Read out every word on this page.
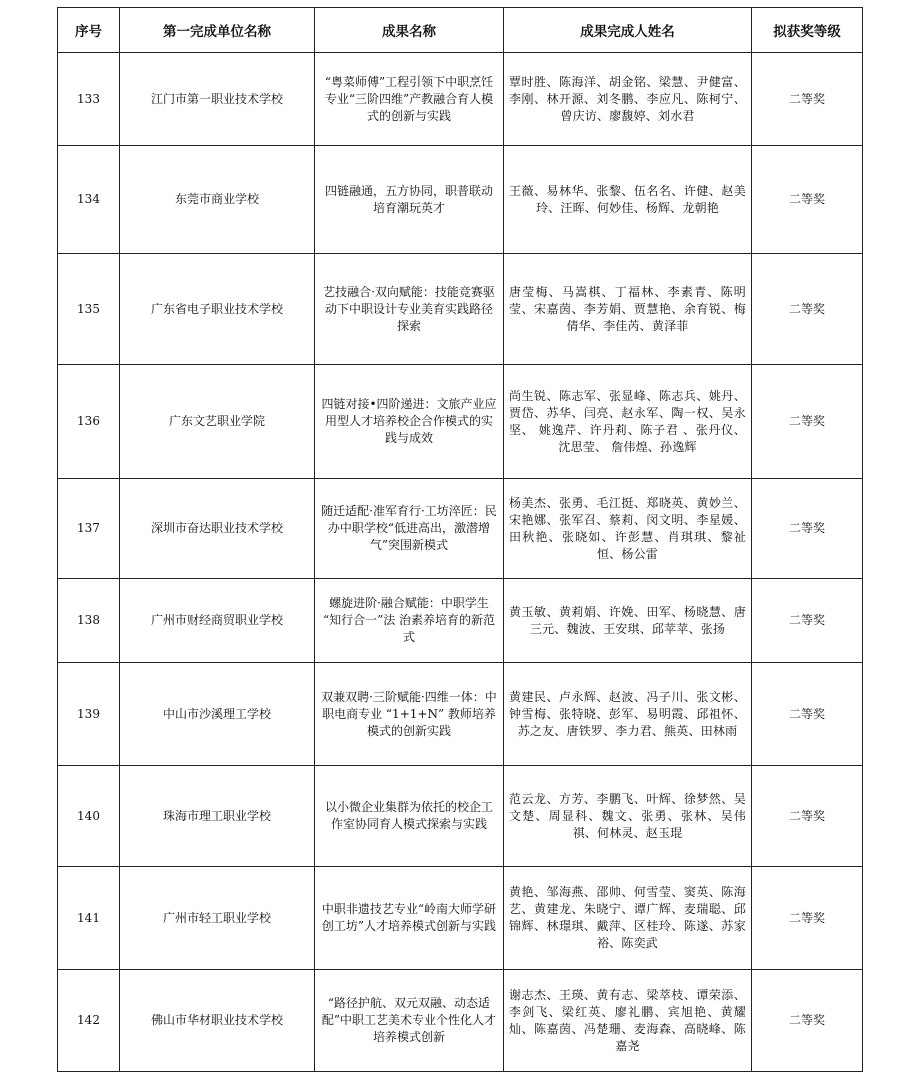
序号	第一完成单位名称	成果名称	成果完成人姓名	拟获奖等级
133	江门市第一职业技术学校	“粤菜师傅”工程引领下中职烹饪专业“三阶四维”产教融合育人模式的创新与实践	覃时胜、陈海洋、胡金铭、梁慧、尹健富、李刚、林开源、刘冬鹏、李应凡、陈柯宁、曾庆访、廖馥婷、刘水君	二等奖
134	东莞市商业学校	四链融通，五方协同，职普联动培育潮玩英才	王薇、易林华、张黎、伍名名、许健、赵美玲、汪晖、何妙佳、杨辉、龙朝艳	二等奖
135	广东省电子职业技术学校	艺技融合·双向赋能：技能竞赛驱动下中职设计专业美育实践路径探索	唐莹梅、马嵩棋、丁福林、李素青、陈明莹、宋嘉茵、李芳娟、贾慧艳、余育锐、梅倩华、李佳芮、黄泽菲	二等奖
136	广东文艺职业学院	四链对接•四阶递进：文旅产业应用型人才培养校企合作模式的实践与成效	尚生锐、陈志军、张显峰、陈志兵、姚丹、贾岱、苏华、闫亮、赵永军、陶一权、吴永坚、 姚逸芹、许丹莉、陈子君 、张丹仪、沈思莹、 詹伟煌、孙逸辉	二等奖
137	深圳市奋达职业技术学校	随迁适配·准军育行·工坊淬匠：民办中职学校“低进高出，激潜增气”突围新模式	杨美杰、张勇、毛江挺、郑晓英、黄妙兰、宋艳娜、张军召、蔡莉、闵文明、李星媛、田秋艳、张晓如、许彭慧、肖琪琪、黎祉恒、杨公雷	二等奖
138	广州市财经商贸职业学校	螺旋进阶·融合赋能：中职学生 “知行合一”法 治素养培育的新范式	黄玉敏、黄莉娟、许娩、田军、杨晓慧、唐三元、魏波、王安琪、邱苹苹、张扬	二等奖
139	中山市沙溪理工学校	双兼双聘·三阶赋能·四维一体：中职电商专业 “1+1+N” 教师培养模式的创新实践	黄建民、卢永辉、赵波、冯子川、张文彬、钟雪梅、张特晓、彭军、易明霞、邱祖怀、苏之友、唐铁罗、李力君、熊英、田林雨	二等奖
140	珠海市理工职业学校	以小微企业集群为依托的校企工作室协同育人模式探索与实践	范云龙、方芳、李鹏飞、叶辉、徐梦然、吴文楚、周显科、魏文、张勇、张林、吴伟祺、何林灵、赵玉琨	二等奖
141	广州市轻工职业学校	中职非遗技艺专业“岭南大师学研创工坊”人才培养模式创新与实践	黄艳、邹海燕、邵帅、何雪莹、窦英、陈海艺、黄建龙、朱晓宁、谭广辉、麦瑞聪、邱锦辉、林璟琪、戴萍、区桂玲、陈遂、苏家裕、陈奕武	二等奖
142	佛山市华材职业技术学校	“路径护航、双元双融、动态适配”中职工艺美术专业个性化人才培养模式创新	谢志杰、王瑛、黄有志、梁萃枝、谭荣添、李剑飞、梁红英、廖礼鹏、宾旭艳、黄耀灿、陈嘉茵、冯楚珊、麦海森、高晓峰、陈嘉尧	二等奖
